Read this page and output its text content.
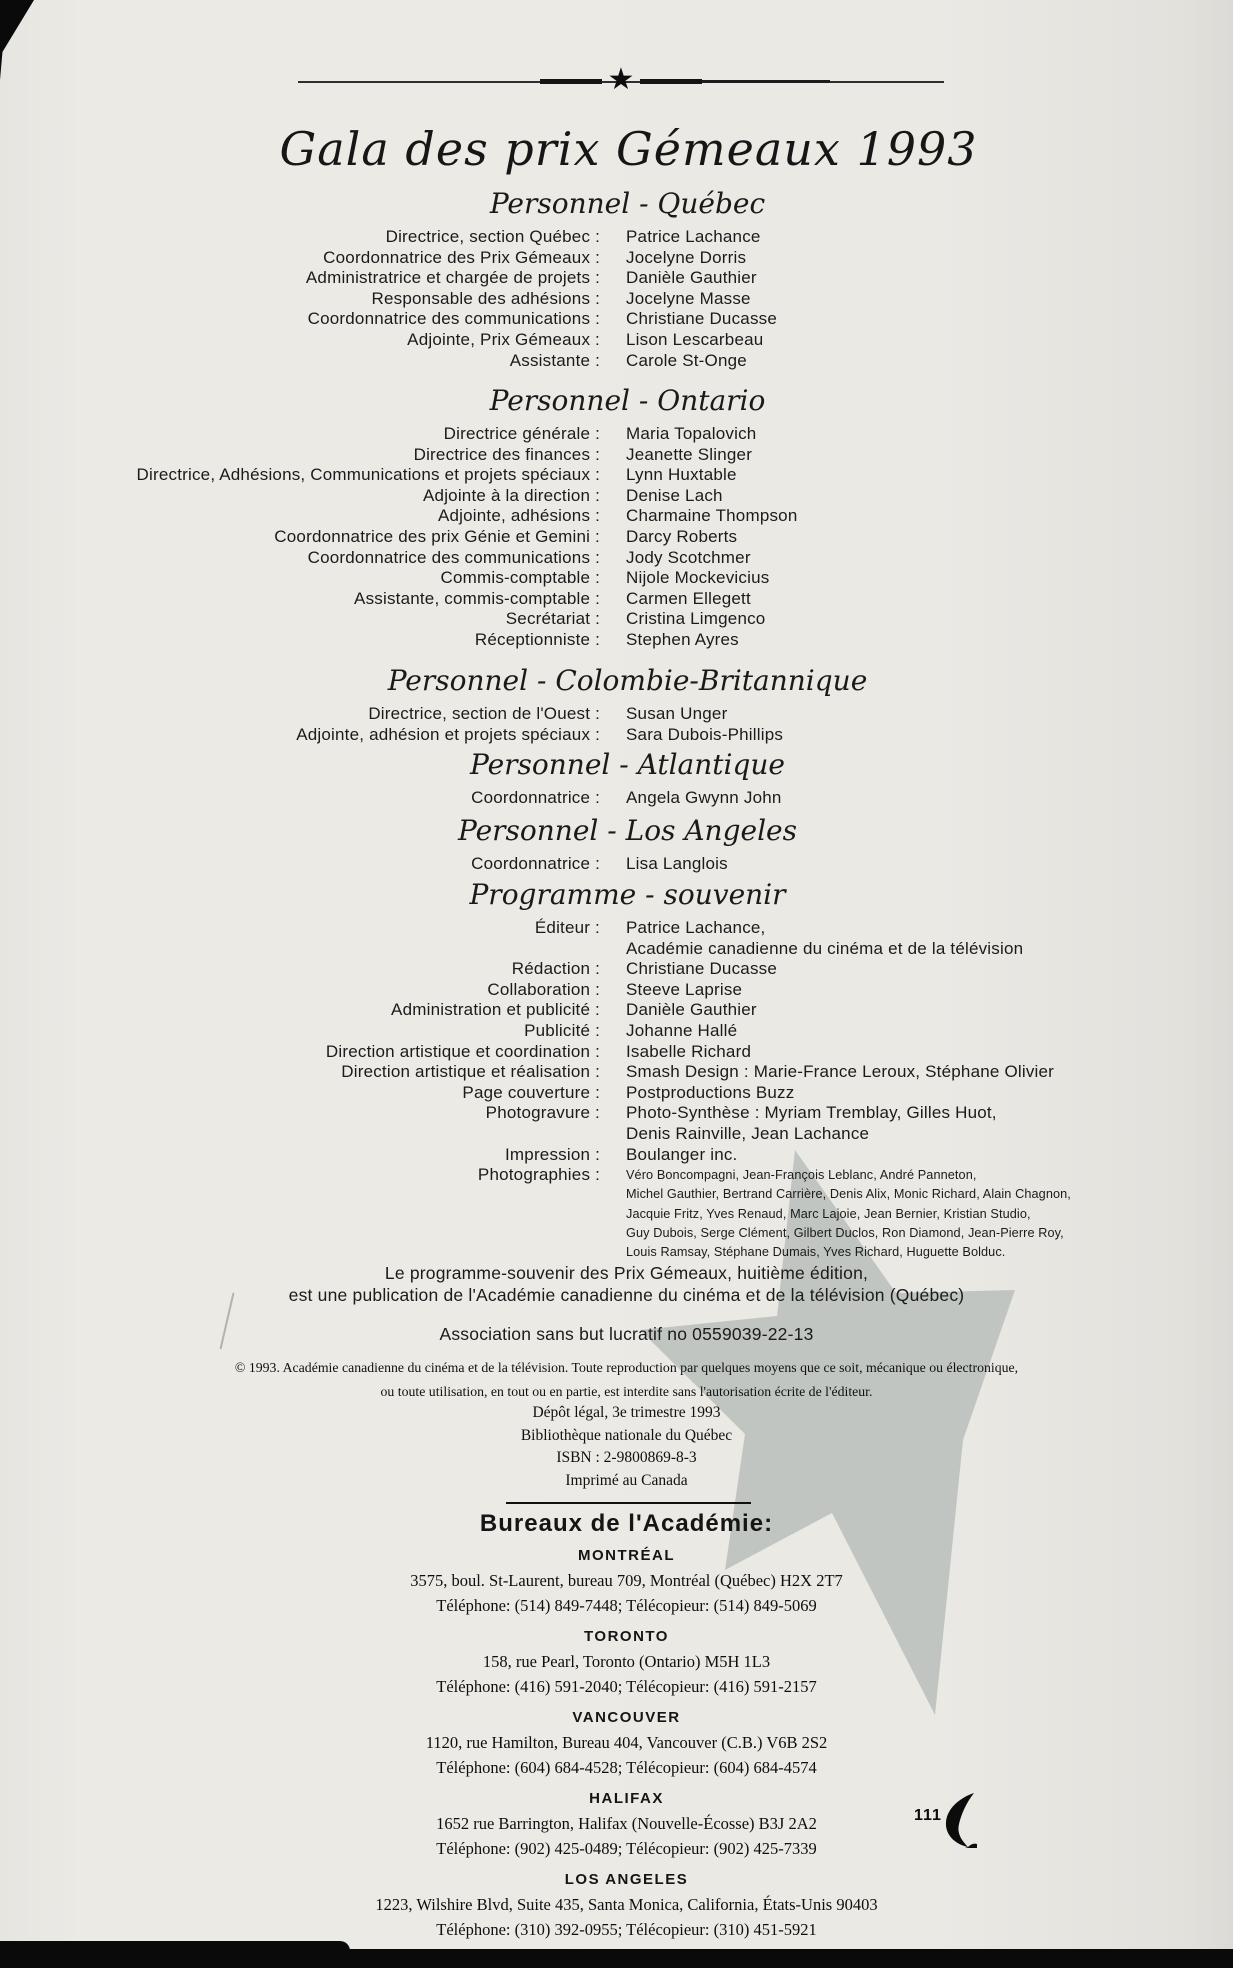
★
Gala des prix Gémeaux 1993
Personnel - Québec
Directrice, section Québec : Patrice Lachance
Coordonnatrice des Prix Gémeaux : Jocelyne Dorris
Administratrice et chargée de projets : Danièle Gauthier
Responsable des adhésions : Jocelyne Masse
Coordonnatrice des communications : Christiane Ducasse
Adjointe, Prix Gémeaux : Lison Lescarbeau
Assistante : Carole St-Onge
Personnel - Ontario
Directrice générale : Maria Topalovich
Directrice des finances : Jeanette Slinger
Directrice, Adhésions, Communications et projets spéciaux : Lynn Huxtable
Adjointe à la direction : Denise Lach
Adjointe, adhésions : Charmaine Thompson
Coordonnatrice des prix Génie et Gemini : Darcy Roberts
Coordonnatrice des communications : Jody Scotchmer
Commis-comptable : Nijole Mockevicius
Assistante, commis-comptable : Carmen Ellegett
Secrétariat : Cristina Limgenco
Réceptionniste : Stephen Ayres
Personnel - Colombie-Britannique
Directrice, section de l'Ouest : Susan Unger
Adjointe, adhésion et projets spéciaux : Sara Dubois-Phillips
Personnel - Atlantique
Coordonnatrice : Angela Gwynn John
Personnel - Los Angeles
Coordonnatrice : Lisa Langlois
Programme - souvenir
Éditeur : Patrice Lachance,
Académie canadienne du cinéma et de la télévision
Rédaction : Christiane Ducasse
Collaboration : Steeve Laprise
Administration et publicité : Danièle Gauthier
Publicité : Johanne Hallé
Direction artistique et coordination : Isabelle Richard
Direction artistique et réalisation : Smash Design : Marie-France Leroux, Stéphane Olivier
Page couverture : Postproductions Buzz
Photogravure : Photo-Synthèse : Myriam Tremblay, Gilles Huot,
Denis Rainville, Jean Lachance
Impression : Boulanger inc.
Photographies : Véro Boncompagni, Jean-François Leblanc, André Panneton,
Michel Gauthier, Bertrand Carrière, Denis Alix, Monic Richard, Alain Chagnon,
Jacquie Fritz, Yves Renaud, Marc Lajoie, Jean Bernier, Kristian Studio,
Guy Dubois, Serge Clément, Gilbert Duclos, Ron Diamond, Jean-Pierre Roy,
Louis Ramsay, Stéphane Dumais, Yves Richard, Huguette Bolduc.
Le programme-souvenir des Prix Gémeaux, huitième édition,
est une publication de l'Académie canadienne du cinéma et de la télévision (Québec)
Association sans but lucratif no 0559039-22-13
© 1993. Académie canadienne du cinéma et de la télévision. Toute reproduction par quelques moyens que ce soit, mécanique ou électronique,
ou toute utilisation, en tout ou en partie, est interdite sans l'autorisation écrite de l'éditeur.
Dépôt légal, 3e trimestre 1993
Bibliothèque nationale du Québec
ISBN : 2-9800869-8-3
Imprimé au Canada
Bureaux de l'Académie:
MONTRÉAL
3575, boul. St-Laurent, bureau 709, Montréal (Québec) H2X 2T7
Téléphone: (514) 849-7448; Télécopieur: (514) 849-5069
TORONTO
158, rue Pearl, Toronto (Ontario) M5H 1L3
Téléphone: (416) 591-2040; Télécopieur: (416) 591-2157
VANCOUVER
1120, rue Hamilton, Bureau 404, Vancouver (C.B.) V6B 2S2
Téléphone: (604) 684-4528; Télécopieur: (604) 684-4574
HALIFAX
1652 rue Barrington, Halifax (Nouvelle-Écosse) B3J 2A2
Téléphone: (902) 425-0489; Télécopieur: (902) 425-7339
LOS ANGELES
1223, Wilshire Blvd, Suite 435, Santa Monica, California, États-Unis 90403
Téléphone: (310) 392-0955; Télécopieur: (310) 451-5921
111
